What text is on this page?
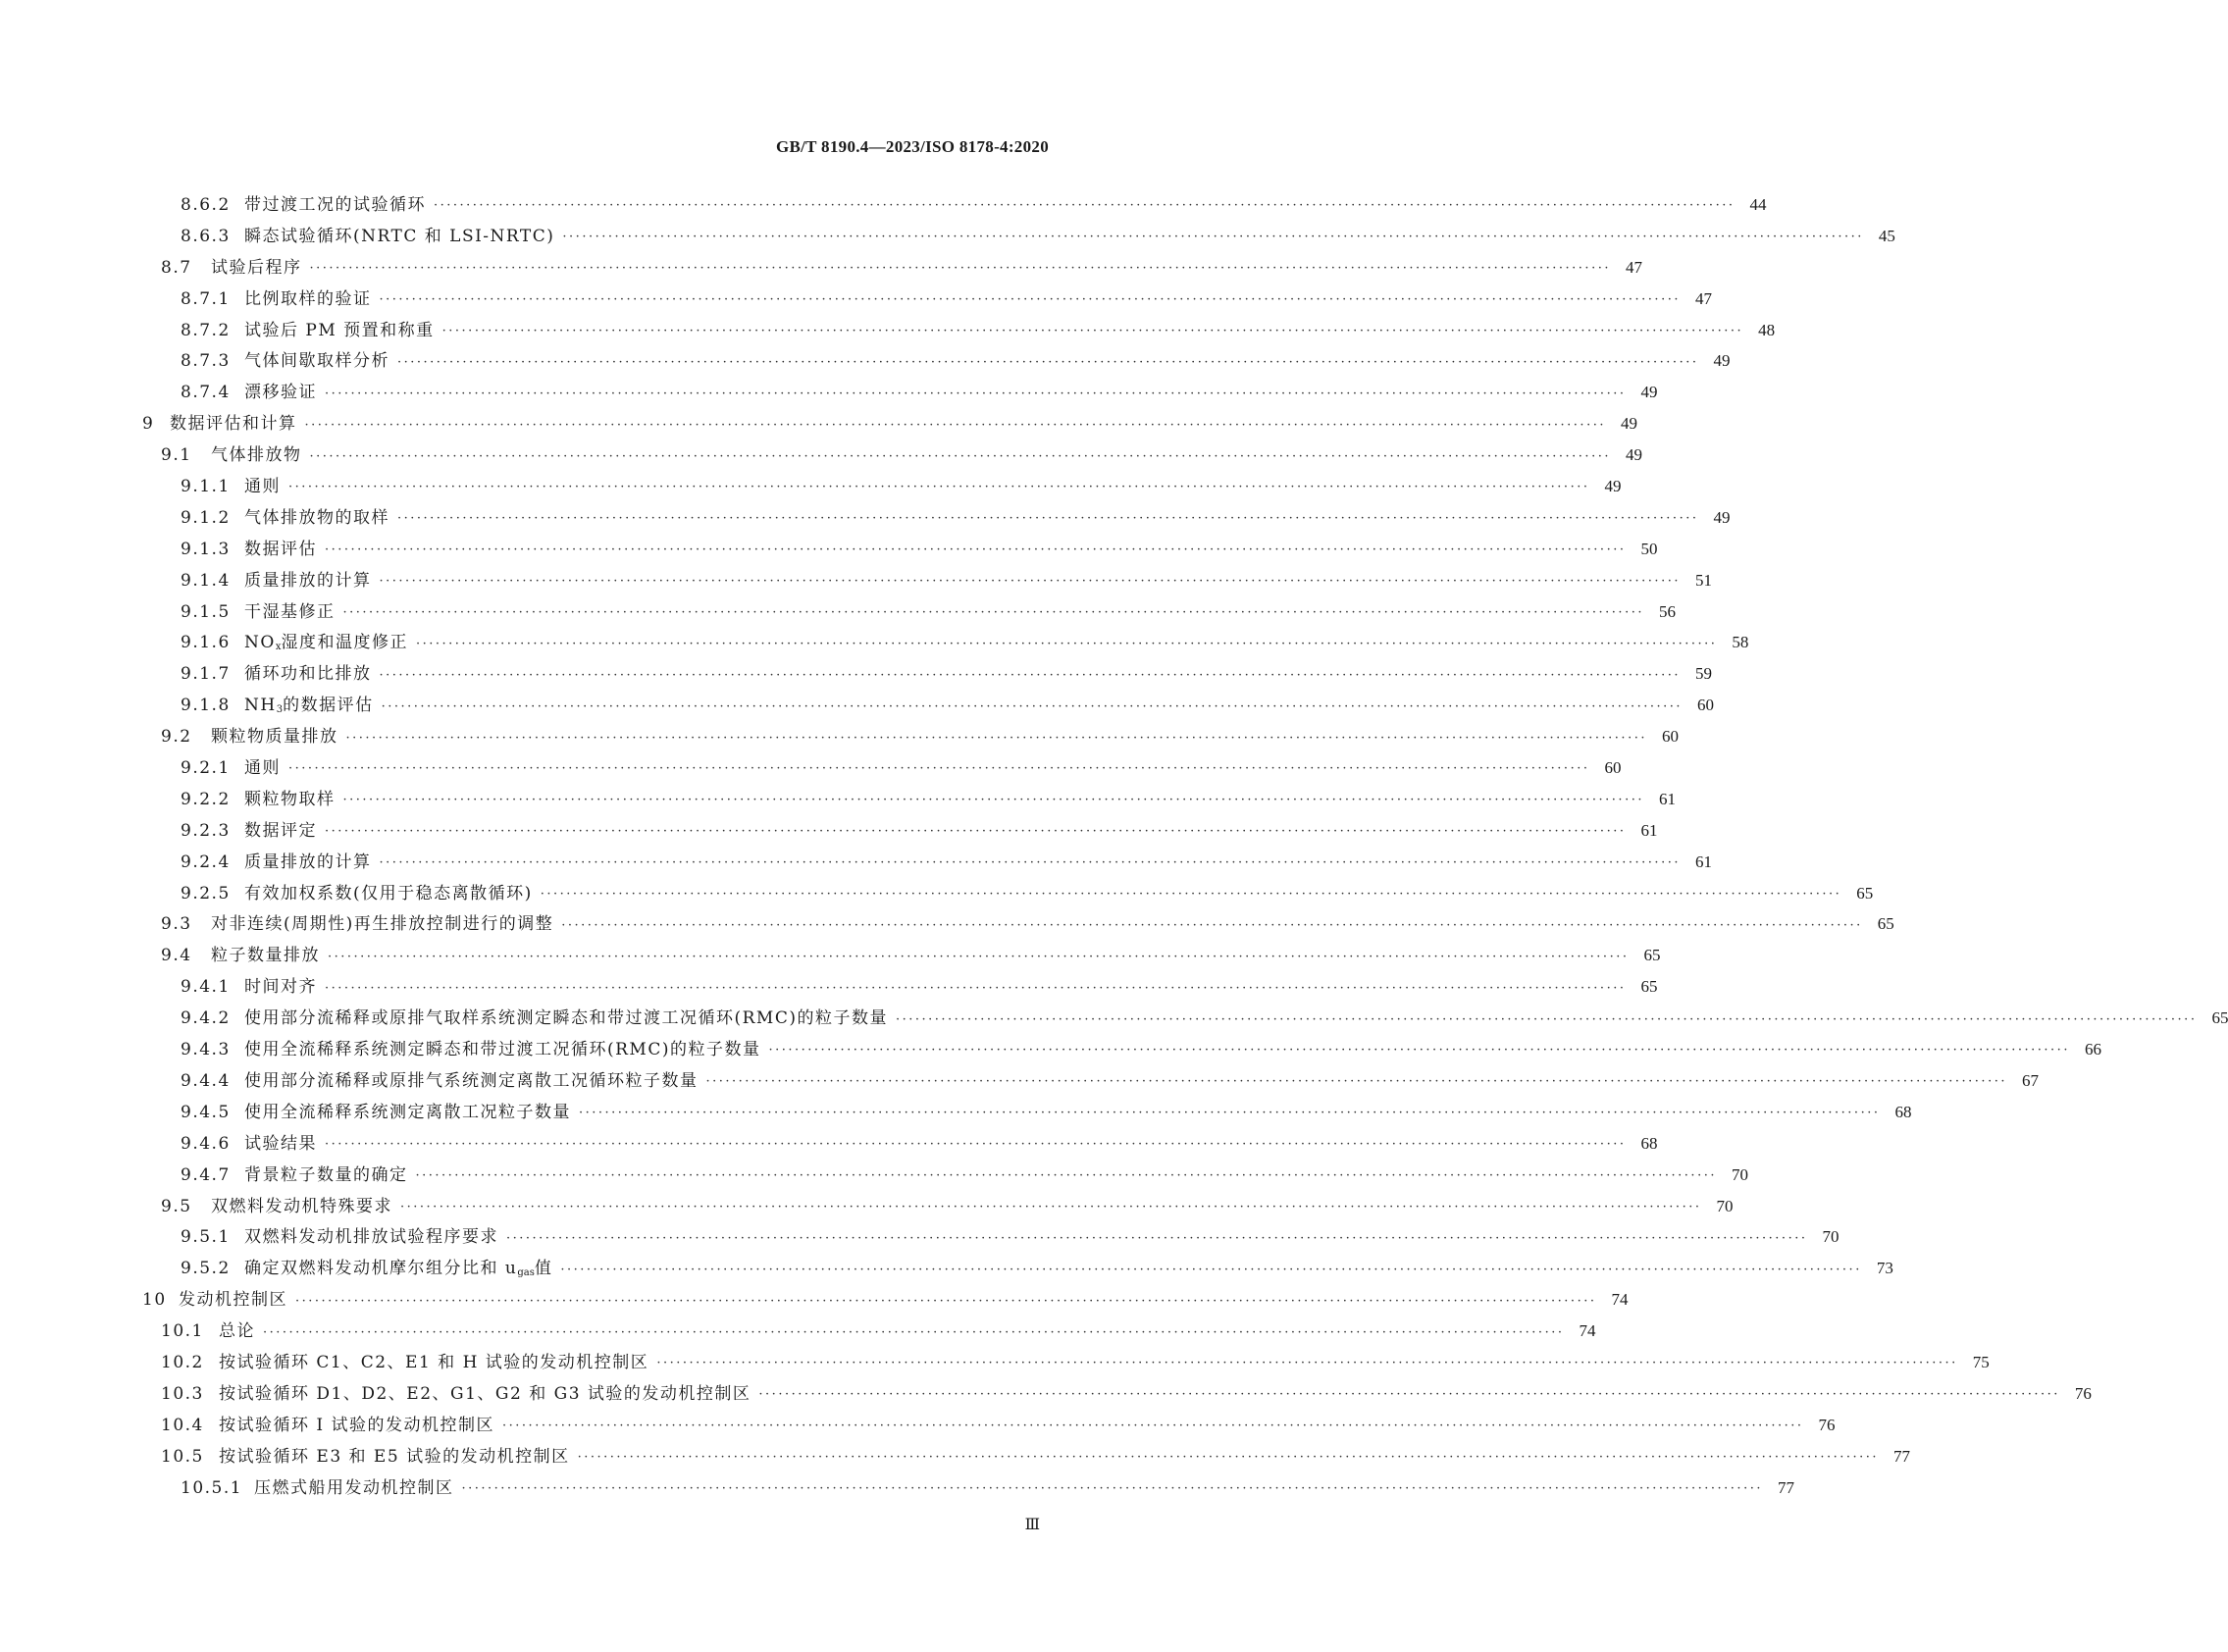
GB/T 8190.4—2023/ISO 8178-4:2020
8.6.2 带过渡工况的试验循环 ········································································································································································································ 44
8.6.3 瞬态试验循环(NRTC 和 LSI-NRTC) ········································································································································································································ 45
8.7	试验后程序 ········································································································································································································ 47
8.7.1 比例取样的验证 ········································································································································································································ 47
8.7.2 试验后 PM 预置和称重 ········································································································································································································ 48
8.7.3 气体间歇取样分析 ········································································································································································································ 49
8.7.4 漂移验证 ········································································································································································································ 49
9 数据评估和计算 ········································································································································································································ 49
9.1	气体排放物 ········································································································································································································ 49
9.1.1 通则 ········································································································································································································ 49
9.1.2 气体排放物的取样 ········································································································································································································ 49
9.1.3 数据评估 ········································································································································································································ 50
9.1.4 质量排放的计算 ········································································································································································································ 51
9.1.5 干湿基修正 ········································································································································································································ 56
9.1.6 $NO_x$湿度和温度修正 ········································································································································································································ 58
9.1.7 循环功和比排放 ········································································································································································································ 59
9.1.8 $NH_3$的数据评估 ········································································································································································································ 60
9.2	颗粒物质量排放 ········································································································································································································ 60
9.2.1 通则 ········································································································································································································ 60
9.2.2 颗粒物取样 ········································································································································································································ 61
9.2.3 数据评定 ········································································································································································································ 61
9.2.4 质量排放的计算 ········································································································································································································ 61
9.2.5 有效加权系数(仅用于稳态离散循环) ········································································································································································································ 65
9.3	对非连续(周期性)再生排放控制进行的调整 ········································································································································································································ 65
9.4	粒子数量排放 ········································································································································································································ 65
9.4.1 时间对齐 ········································································································································································································ 65
9.4.2 使用部分流稀释或原排气取样系统测定瞬态和带过渡工况循环(RMC)的粒子数量 ········································································································································································································ 65
9.4.3 使用全流稀释系统测定瞬态和带过渡工况循环(RMC)的粒子数量 ········································································································································································································ 66
9.4.4 使用部分流稀释或原排气系统测定离散工况循环粒子数量 ········································································································································································································ 67
9.4.5 使用全流稀释系统测定离散工况粒子数量 ········································································································································································································ 68
9.4.6 试验结果 ········································································································································································································ 68
9.4.7 背景粒子数量的确定 ········································································································································································································ 70
9.5	双燃料发动机特殊要求 ········································································································································································································ 70
9.5.1 双燃料发动机排放试验程序要求 ········································································································································································································ 70
9.5.2 确定双燃料发动机摩尔组分比和 $u_{gas}$值 ········································································································································································································ 73
10 发动机控制区 ········································································································································································································ 74
10.1 总论 ········································································································································································································ 74
10.2 按试验循环 C1、C2、E1 和 H 试验的发动机控制区 ········································································································································································································ 75
10.3 按试验循环 D1、D2、E2、G1、G2 和 G3 试验的发动机控制区 ········································································································································································································ 76
10.4 按试验循环 I 试验的发动机控制区 ········································································································································································································ 76
10.5 按试验循环 E3 和 E5 试验的发动机控制区 ········································································································································································································ 77
10.5.1 压燃式船用发动机控制区 ········································································································································································································ 77
Ⅲ
